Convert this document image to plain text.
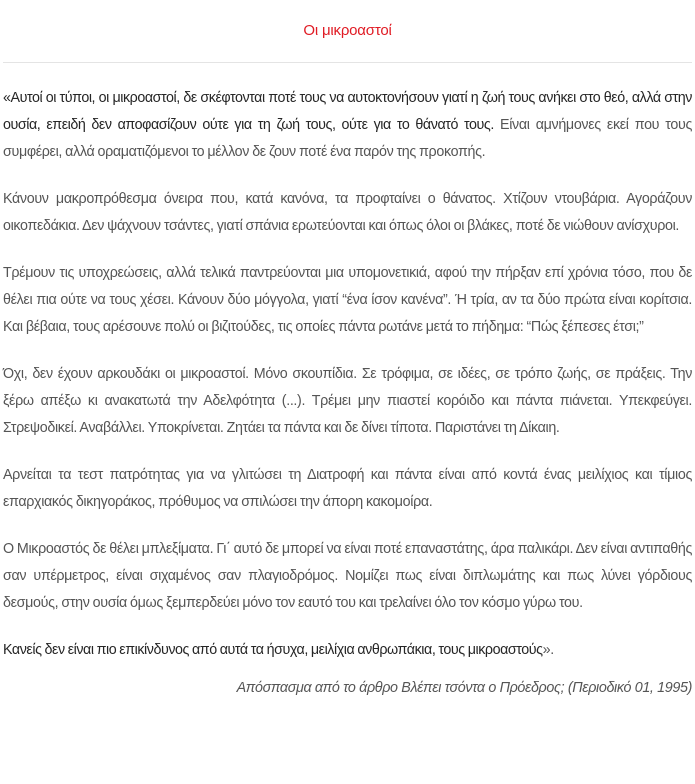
Οι μικροαστοί

«Αυτοί οι τύποι, οι μικροαστοί, δε σκέφτονται ποτέ τους να αυτοκτονήσουν γιατί η ζωή τους ανήκει στο θεό, αλλά στην ουσία, επειδή δεν αποφασίζουν ούτε για τη ζωή τους, ούτε για το θάνατό τους. Είναι αμνήμονες εκεί που τους συμφέρει, αλλά οραματιζόμενοι το μέλλον δε ζουν ποτέ ένα παρόν της προκοπής.

Κάνουν μακροπρόθεσμα όνειρα που, κατά κανόνα, τα προφταίνει ο θάνατος. Χτίζουν ντουβάρια. Αγοράζουν οικοπεδάκια. Δεν ψάχνουν τσάντες, γιατί σπάνια ερωτεύονται και όπως όλοι οι βλάκες, ποτέ δε νιώθουν ανίσχυροι.

Τρέμουν τις υποχρεώσεις, αλλά τελικά παντρεύονται μια υπομονετικιά, αφού την πήρξαν επί χρόνια τόσο, που δε θέλει πια ούτε να τους χέσει. Κάνουν δύο μόγγολα, γιατί “ένα ίσον κανένα”. Ή τρία, αν τα δύο πρώτα είναι κορίτσια. Και βέβαια, τους αρέσουνε πολύ οι βιζιτούδες, τις οποίες πάντα ρωτάνε μετά το πήδημα: “Πώς ξέπεσες έτσι;”

Όχι, δεν έχουν αρκουδάκι οι μικροαστοί. Μόνο σκουπίδια. Σε τρόφιμα, σε ιδέες, σε τρόπο ζωής, σε πράξεις. Την ξέρω απέξω κι ανακατωτά την Αδελφότητα (...). Τρέμει μην πιαστεί κορόιδο και πάντα πιάνεται. Υπεκφεύγει. Στρεψοδικεί. Αναβάλλει. Υποκρίνεται. Ζητάει τα πάντα και δε δίνει τίποτα. Παριστάνει τη Δίκαιη.

Αρνείται τα τεστ πατρότητας για να γλιτώσει τη Διατροφή και πάντα είναι από κοντά ένας μειλίχιος και τίμιος επαρχιακός δικηγοράκος, πρόθυμος να σπιλώσει την άπορη κακομοίρα.

Ο Μικροαστός δε θέλει μπλεξίματα. Γι΄ αυτό δε μπορεί να είναι ποτέ επαναστάτης, άρα παλικάρι. Δεν είναι αντιπαθής σαν υπέρμετρος, είναι σιχαμένος σαν πλαγιοδρόμος. Νομίζει πως είναι διπλωμάτης και πως λύνει γόρδιους δεσμούς, στην ουσία όμως ξεμπερδεύει μόνο τον εαυτό του και τρελαίνει όλο τον κόσμο γύρω του.

Κανείς δεν είναι πιο επικίνδυνος από αυτά τα ήσυχα, μειλίχια ανθρωπάκια, τους μικροαστούς».

Απόσπασμα από το άρθρο Βλέπει τσόντα ο Πρόεδρος; (Περιοδικό 01, 1995)
